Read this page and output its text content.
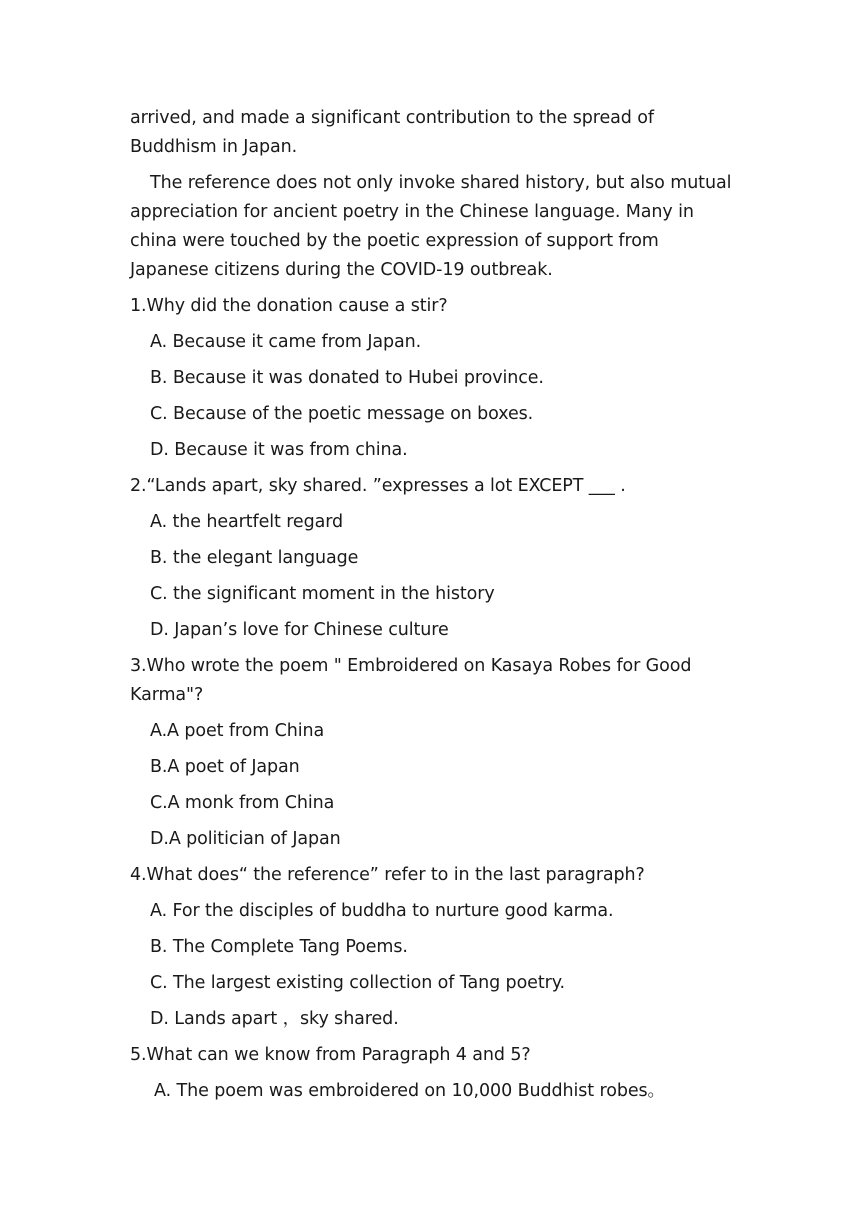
arrived, and made a significant contribution to the spread of Buddhism in Japan.

The reference does not only invoke shared history, but also mutual appreciation for ancient poetry in the Chinese language. Many in china were touched by the poetic expression of support from Japanese citizens during the COVID-19 outbreak.

1.Why did the donation cause a stir?

A. Because it came from Japan.

B. Because it was donated to Hubei province.

C. Because of the poetic message on boxes.

D. Because it was from china.

2.“Lands apart, sky shared. ”expresses a lot EXCEPT ___ .

A. the heartfelt regard

B. the elegant language

C. the significant moment in the history

D. Japan’s love for Chinese culture

3.Who wrote the poem " Embroidered on Kasaya Robes for Good Karma"?

A.A poet from China

B.A poet of Japan

C.A monk from China

D.A politician of Japan

4.What does“ the reference” refer to in the last paragraph?

A. For the disciples of buddha to nurture good karma.

B. The Complete Tang Poems.

C. The largest existing collection of Tang poetry.

D. Lands apart ，sky shared.

5.What can we know from Paragraph 4 and 5?

A. The poem was embroidered on 10,000 Buddhist robes。
